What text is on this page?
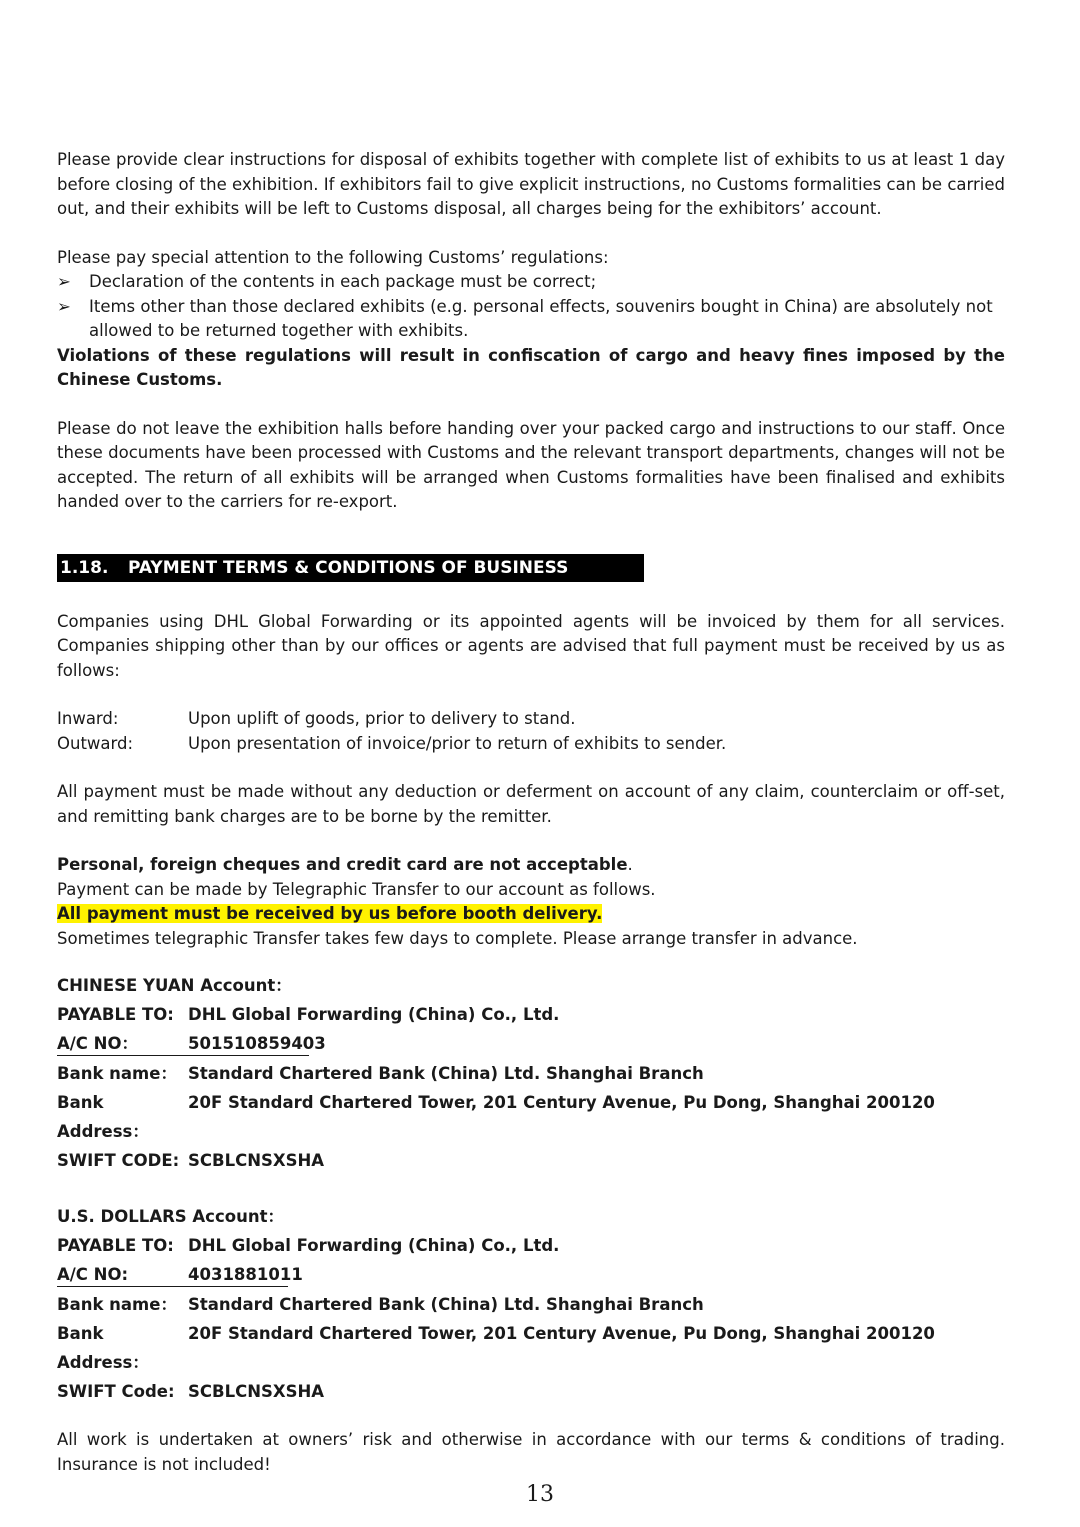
Please provide clear instructions for disposal of exhibits together with complete list of exhibits to us at least 1 day before closing of the exhibition. If exhibitors fail to give explicit instructions, no Customs formalities can be carried out, and their exhibits will be left to Customs disposal, all charges being for the exhibitors’ account.

Please pay special attention to the following Customs’ regulations:

➢ Declaration of the contents in each package must be correct;
➢ Items other than those declared exhibits (e.g. personal effects, souvenirs bought in China) are absolutely not allowed to be returned together with exhibits.

Violations of these regulations will result in confiscation of cargo and heavy fines imposed by the Chinese Customs.

Please do not leave the exhibition halls before handing over your packed cargo and instructions to our staff. Once these documents have been processed with Customs and the relevant transport departments, changes will not be accepted. The return of all exhibits will be arranged when Customs formalities have been finalised and exhibits handed over to the carriers for re-export.

1.18.	PAYMENT TERMS & CONDITIONS OF BUSINESS

Companies using DHL Global Forwarding or its appointed agents will be invoiced by them for all services. Companies shipping other than by our offices or agents are advised that full payment must be received by us as follows:

Inward:	Upon uplift of goods, prior to delivery to stand.
Outward:	Upon presentation of invoice/prior to return of exhibits to sender.

All payment must be made without any deduction or deferment on account of any claim, counterclaim or off-set, and remitting bank charges are to be borne by the remitter.

Personal, foreign cheques and credit card are not acceptable.

Payment can be made by Telegraphic Transfer to our account as follows.

All payment must be received by us before booth delivery.

Sometimes telegraphic Transfer takes few days to complete. Please arrange transfer in advance.

CHINESE YUAN Account：
PAYABLE TO: DHL Global Forwarding (China) Co., Ltd.
A/C NO：	501510859403
Bank name： Standard Chartered Bank (China) Ltd. Shanghai Branch
Bank Address：
20F Standard Chartered Tower, 201 Century Avenue, Pu Dong, Shanghai 200120
SWIFT CODE: SCBLCNSXSHA
U.S. DOLLARS Account：
PAYABLE TO: DHL Global Forwarding (China) Co., Ltd.
A/C NO:	4031881011
Bank name： Standard Chartered Bank (China) Ltd. Shanghai Branch
Bank Address：
20F Standard Chartered Tower, 201 Century Avenue, Pu Dong, Shanghai 200120
SWIFT Code: SCBLCNSXSHA

All work is undertaken at owners’ risk and otherwise in accordance with our terms & conditions of trading. Insurance is not included!

13
